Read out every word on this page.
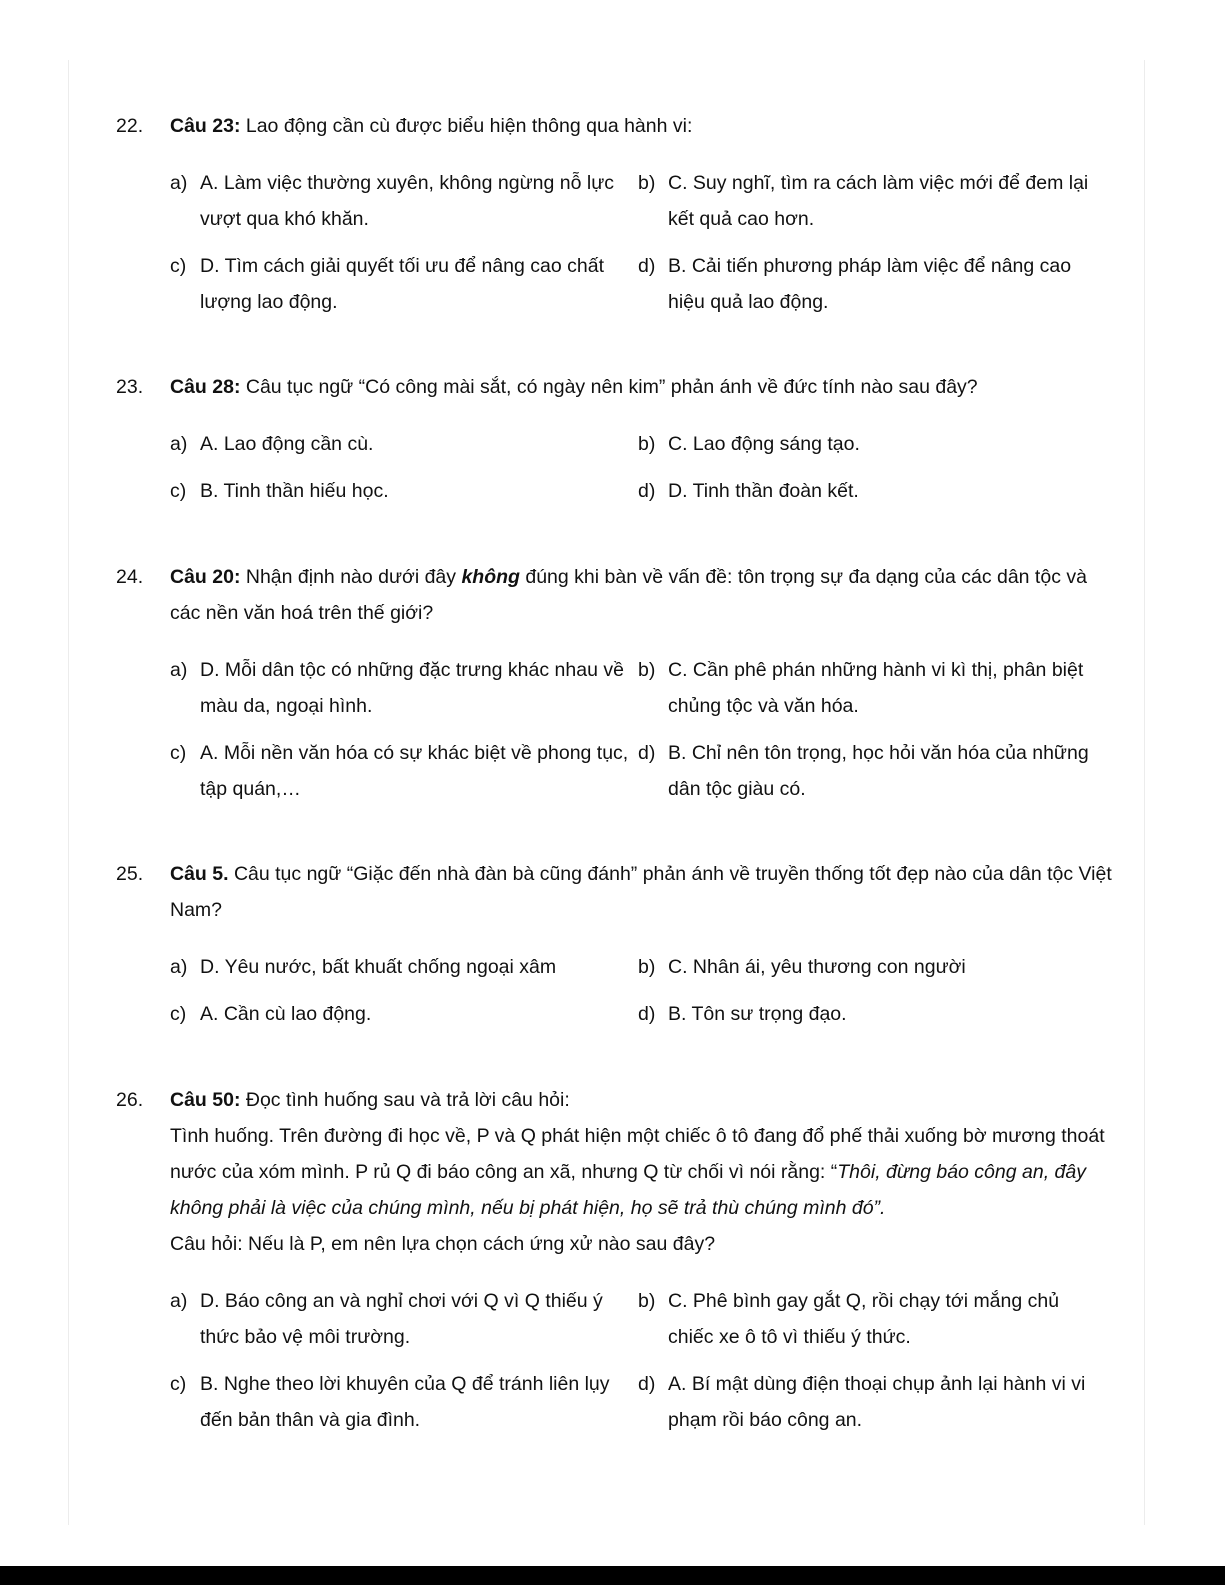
22.	Câu 23: Lao động cần cù được biểu hiện thông qua hành vi:
a) A. Làm việc thường xuyên, không ngừng nỗ lực vượt qua khó khăn.
b) C. Suy nghĩ, tìm ra cách làm việc mới để đem lại kết quả cao hơn.
c) D. Tìm cách giải quyết tối ưu để nâng cao chất lượng lao động.
d) B. Cải tiến phương pháp làm việc để nâng cao hiệu quả lao động.
23.	Câu 28: Câu tục ngữ “Có công mài sắt, có ngày nên kim” phản ánh về đức tính nào sau đây?
a) A. Lao động cần cù.	b) C. Lao động sáng tạo.
c) B. Tinh thần hiếu học.	d) D. Tinh thần đoàn kết.
24.	Câu 20: Nhận định nào dưới đây không đúng khi bàn về vấn đề: tôn trọng sự đa dạng của các dân tộc và các nền văn hoá trên thế giới?
a) D. Mỗi dân tộc có những đặc trưng khác nhau về màu da, ngoại hình.
b) C. Cần phê phán những hành vi kì thị, phân biệt chủng tộc và văn hóa.
c) A. Mỗi nền văn hóa có sự khác biệt về phong tục, tập quán,…
d) B. Chỉ nên tôn trọng, học hỏi văn hóa của những dân tộc giàu có.
25.	Câu 5. Câu tục ngữ “Giặc đến nhà đàn bà cũng đánh” phản ánh về truyền thống tốt đẹp nào của dân tộc Việt Nam?
a) D. Yêu nước, bất khuất chống ngoại xâm	b) C. Nhân ái, yêu thương con người
c) A. Cần cù lao động.	d) B. Tôn sư trọng đạo.
26.	Câu 50: Đọc tình huống sau và trả lời câu hỏi:
Tình huống. Trên đường đi học về, P và Q phát hiện một chiếc ô tô đang đổ phế thải xuống bờ mương thoát nước của xóm mình. P rủ Q đi báo công an xã, nhưng Q từ chối vì nói rằng: “Thôi, đừng báo công an, đây không phải là việc của chúng mình, nếu bị phát hiện, họ sẽ trả thù chúng mình đó”.
Câu hỏi: Nếu là P, em nên lựa chọn cách ứng xử nào sau đây?
a) D. Báo công an và nghỉ chơi với Q vì Q thiếu ý thức bảo vệ môi trường.
b) C. Phê bình gay gắt Q, rồi chạy tới mắng chủ chiếc xe ô tô vì thiếu ý thức.
c) B. Nghe theo lời khuyên của Q để tránh liên lụy đến bản thân và gia đình.
d) A. Bí mật dùng điện thoại chụp ảnh lại hành vi vi phạm rồi báo công an.
